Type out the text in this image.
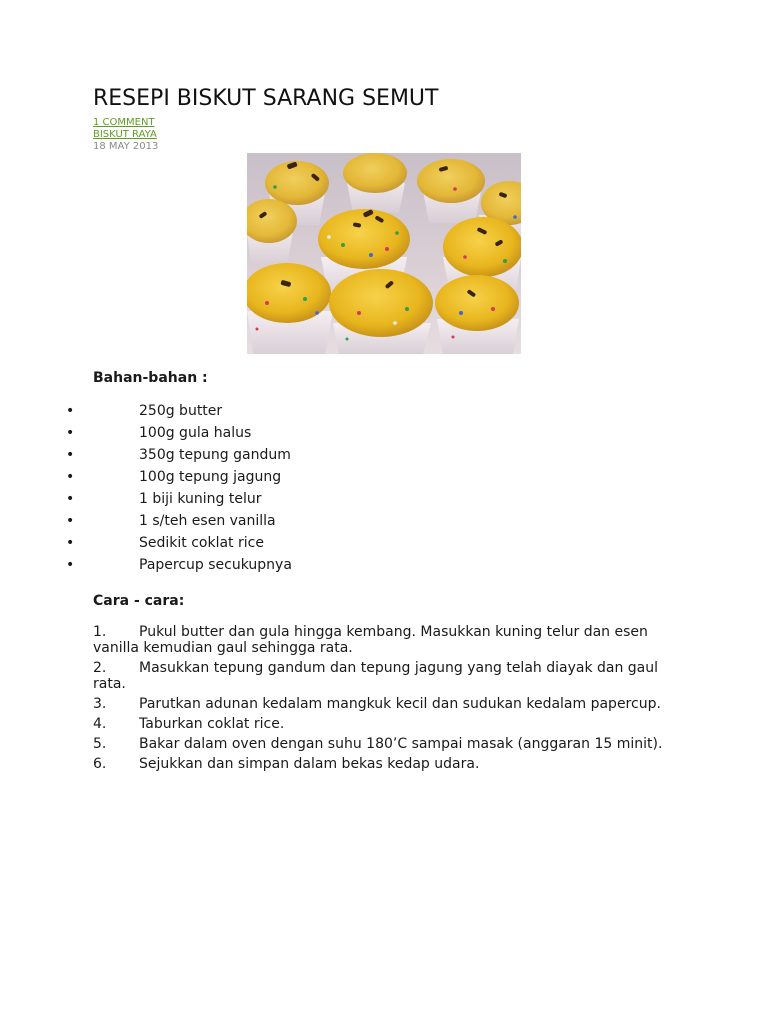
RESEPI BISKUT SARANG SEMUT
1 COMMENT
BISKUT RAYA
18 MAY 2013
Bahan-bahan :
•	250g butter
•	100g gula halus
•	350g tepung gandum
•	100g tepung jagung
•	1 biji kuning telur
•	1 s/teh esen vanilla
•	Sedikit coklat rice
•	Papercup secukupnya
Cara - cara:
1. Pukul butter dan gula hingga kembang. Masukkan kuning telur dan esen vanilla kemudian gaul sehingga rata.
2. Masukkan tepung gandum dan tepung jagung yang telah diayak dan gaul rata.
3. Parutkan adunan kedalam mangkuk kecil dan sudukan kedalam papercup.
4. Taburkan coklat rice.
5. Bakar dalam oven dengan suhu 180’C sampai masak (anggaran 15 minit).
6. Sejukkan dan simpan dalam bekas kedap udara.
